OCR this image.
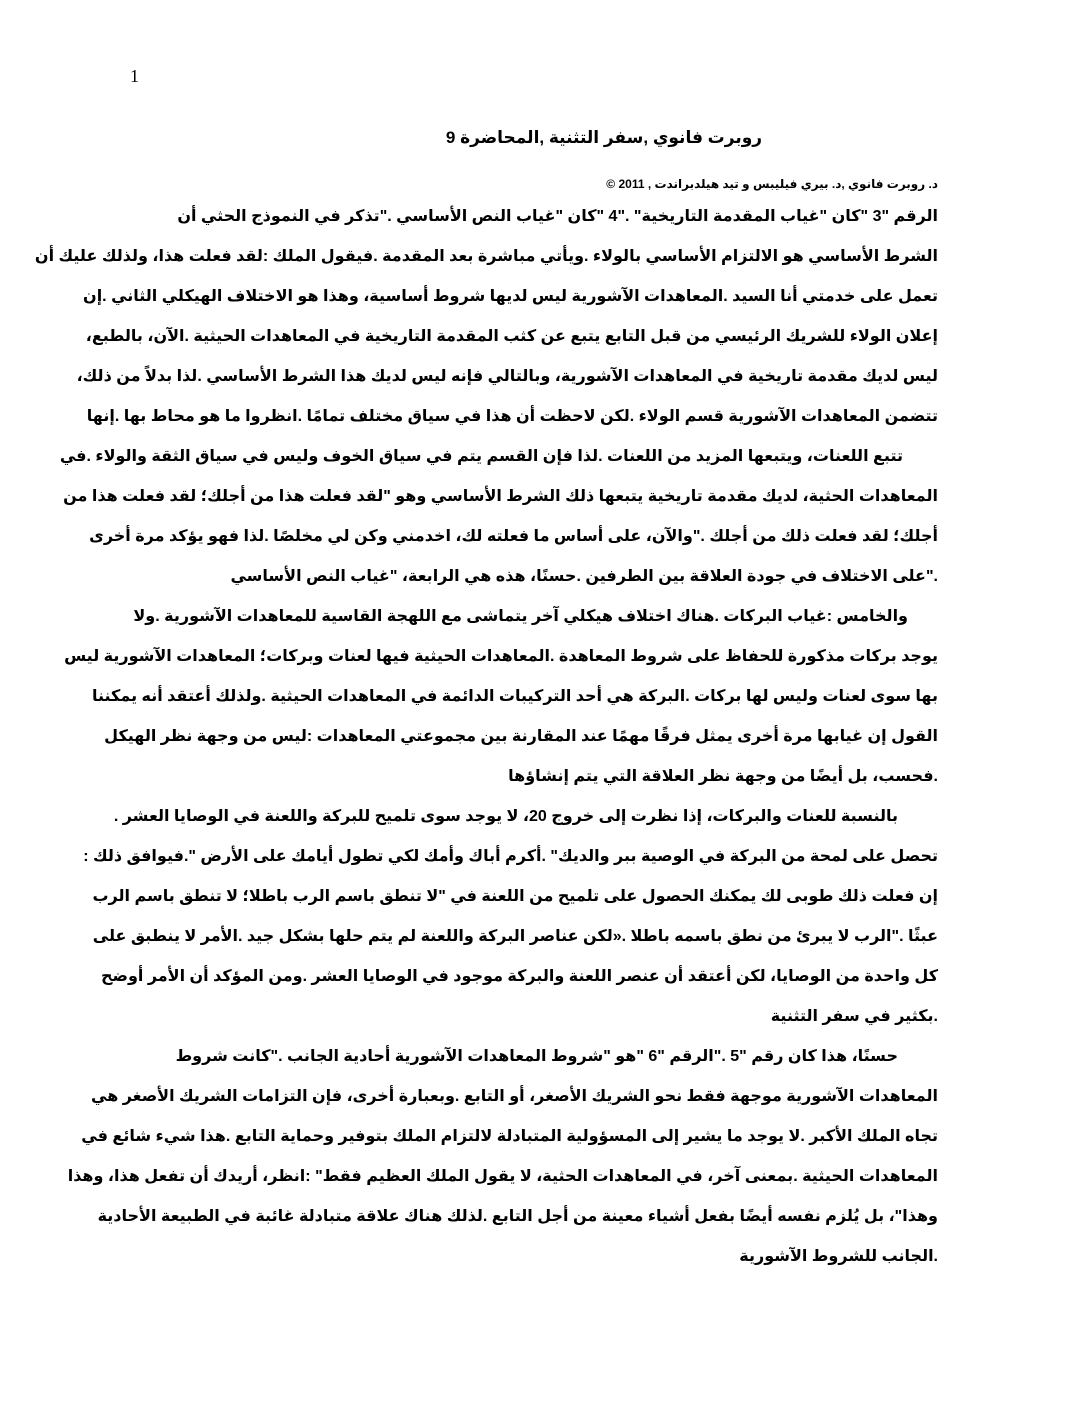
1
روبرت فانوي ,سفر التثنية ,المحاضرة 9
د. روبرت فانوي ,د. بيري فيليبس و تيد هيلدبراندت , 2011 ©
الرقم "3 "كان "غياب المقدمة التاريخية" ."4 "كان "غياب النص الأساسي ."تذكر في النموذج الحثي أن
الشرط الأساسي هو الالتزام الأساسي بالولاء .ويأتي مباشرة بعد المقدمة .فيقول الملك :لقد فعلت هذا، ولذلك عليك أن
تعمل على خدمتي أنا السيد .المعاهدات الآشورية ليس لديها شروط أساسية، وهذا هو الاختلاف الهيكلي الثاني .إن
إعلان الولاء للشريك الرئيسي من قبل التابع يتبع عن كثب المقدمة التاريخية في المعاهدات الحيثية .الآن، بالطبع،
ليس لديك مقدمة تاريخية في المعاهدات الآشورية، وبالتالي فإنه ليس لديك هذا الشرط الأساسي .لذا بدلاً من ذلك،
تتضمن المعاهدات الآشورية قسم الولاء .لكن لاحظت أن هذا في سياق مختلف تمامًا .انظروا ما هو محاط بها .إنها
تتبع اللعنات، ويتبعها المزيد من اللعنات .لذا فإن القسم يتم في سياق الخوف وليس في سياق الثقة والولاء .في
المعاهدات الحثية، لديك مقدمة تاريخية يتبعها ذلك الشرط الأساسي وهو "لقد فعلت هذا من أجلك؛ لقد فعلت هذا من
أجلك؛ لقد فعلت ذلك من أجلك ."والآن، على أساس ما فعلته لك، اخدمني وكن لي مخلصًا .لذا فهو يؤكد مرة أخرى
."على الاختلاف في جودة العلاقة بين الطرفين .حسنًا، هذه هي الرابعة، "غياب النص الأساسي
والخامس :غياب البركات .هناك اختلاف هيكلي آخر يتماشى مع اللهجة القاسية للمعاهدات الآشورية .ولا
يوجد بركات مذكورة للحفاظ على شروط المعاهدة .المعاهدات الحيثية فيها لعنات وبركات؛ المعاهدات الآشورية ليس
بها سوى لعنات وليس لها بركات .البركة هي أحد التركيبات الدائمة في المعاهدات الحيثية .ولذلك أعتقد أنه يمكننا
القول إن غيابها مرة أخرى يمثل فرقًا مهمًا عند المقارنة بين مجموعتي المعاهدات :ليس من وجهة نظر الهيكل
.فحسب، بل أيضًا من وجهة نظر العلاقة التي يتم إنشاؤها
بالنسبة للعنات والبركات، إذا نظرت إلى خروج 20، لا يوجد سوى تلميح للبركة واللعنة في الوصايا العشر .
تحصل على لمحة من البركة في الوصية ببر والديك" .أكرم أباك وأمك لكي تطول أيامك على الأرض ".فيوافق ذلك :
إن فعلت ذلك طوبى لك يمكنك الحصول على تلميح من اللعنة في "لا تنطق باسم الرب باطلا؛ لا تنطق باسم الرب
عبثًا ."الرب لا يبرئ من نطق باسمه باطلا .«لكن عناصر البركة واللعنة لم يتم حلها بشكل جيد .الأمر لا ينطبق على
كل واحدة من الوصايا، لكن أعتقد أن عنصر اللعنة والبركة موجود في الوصايا العشر .ومن المؤكد أن الأمر أوضح
.بكثير في سفر التثنية
حسنًا، هذا كان رقم "5 ."الرقم "6 "هو "شروط المعاهدات الآشورية أحادية الجانب ."كانت شروط
المعاهدات الآشورية موجهة فقط نحو الشريك الأصغر، أو التابع .وبعبارة أخرى، فإن التزامات الشريك الأصغر هي
تجاه الملك الأكبر .لا يوجد ما يشير إلى المسؤولية المتبادلة لالتزام الملك بتوفير وحماية التابع .هذا شيء شائع في
المعاهدات الحيثية .بمعنى آخر، في المعاهدات الحثية، لا يقول الملك العظيم فقط" :انظر، أريدك أن تفعل هذا، وهذا
وهذا"، بل يُلزم نفسه أيضًا بفعل أشياء معينة من أجل التابع .لذلك هناك علاقة متبادلة غائبة في الطبيعة الأحادية
.الجانب للشروط الآشورية
